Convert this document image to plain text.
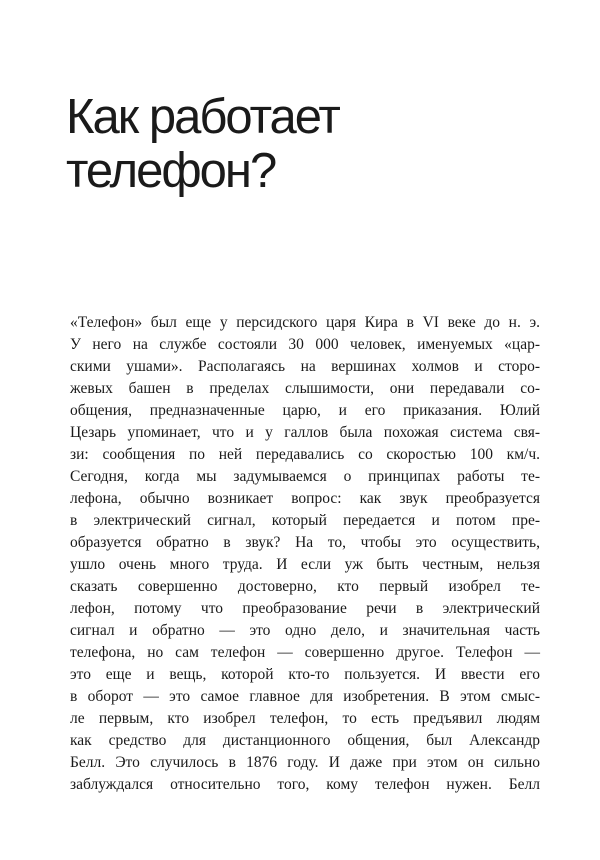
Как работает
телефон?
«Телефон» был еще у персидского царя Кира в VI веке до н. э.
У него на службе состояли 30 000 человек, именуемых «цар-
скими ушами». Располагаясь на вершинах холмов и сторо-
жевых башен в пределах слышимости, они передавали со-
общения, предназначенные царю, и его приказания. Юлий
Цезарь упоминает, что и у галлов была похожая система свя-
зи: сообщения по ней передавались со скоростью 100 км/ч.
Сегодня, когда мы задумываемся о принципах работы те-
лефона, обычно возникает вопрос: как звук преобразуется
в электрический сигнал, который передается и потом пре-
образуется обратно в звук? На то, чтобы это осуществить,
ушло очень много труда. И если уж быть честным, нельзя
сказать совершенно достоверно, кто первый изобрел те-
лефон, потому что преобразование речи в электрический
сигнал и обратно — это одно дело, и значительная часть
телефона, но сам телефон — совершенно другое. Телефон —
это еще и вещь, которой кто-то пользуется. И ввести его
в оборот — это самое главное для изобретения. В этом смыс-
ле первым, кто изобрел телефон, то есть предъявил людям
как средство для дистанционного общения, был Александр
Белл. Это случилось в 1876 году. И даже при этом он сильно
заблуждался относительно того, кому телефон нужен. Белл
